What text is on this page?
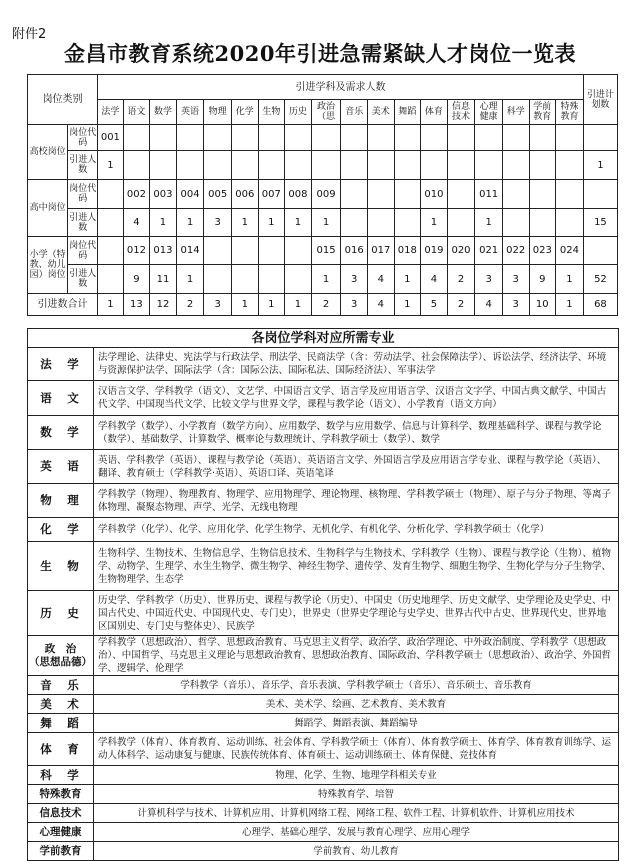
附件2
金昌市教育系统2020年引进急需紧缺人才岗位一览表
岗位类别		引进学科及需求人数																		引进计划数
		法学	语文	数学	英语	物理	化学	生物	历史	政治（思	音乐	美术	舞蹈	体育	信息技术	心理健康	科学	学前教育	特殊教育	
高校岗位	岗位代码	001																		
	引进人数	1																		1
高中岗位	岗位代码		002	003	004	005	006	007	008	009				010		011				
	引进人数		4	1	1	3	1	1	1	1				1		1				15
小学（特教、幼儿园）岗位	岗位代码		012	013	014					015	016	017	018	019	020	021	022	023	024	
	引进人数		9	11	1					1	3	4	1	4	2	3	3	9	1	52
引进数合计		1	13	12	2	3	1	1	1	2	3	4	1	5	2	4	3	10	1	68
各岗位学科对应所需专业	
法　学	法学理论、法律史、宪法学与行政法学、刑法学、民商法学（含：劳动法学、社会保障法学）、诉讼法学、经济法学、环境与资源保护法学、国际法学（含：国际公法、国际私法、国际经济法）、军事法学
语　文	汉语言文学、学科教学（语文）、文艺学、中国语言文学、语言学及应用语言学、汉语言文字学、中国古典文献学、中国古代文学、中国现当代文学、比较文学与世界文学，课程与教学论（语文）、小学教育（语文方向）
数　学	学科教学（数学）、小学教育（数学方向）、应用数学、数学与应用数学、信息与计算科学、数理基础科学、课程与教学论（数学）、基础数学、计算数学、概率论与数理统计、学科教学硕士（数学）、数学
英　语	英语、学科教学（英语）、课程与教学论（英语）、英语语言文学、外国语言学及应用语言学专业、课程与教学论（英语）、翻译、教育硕士（学科教学·英语）、英语口译、英语笔译
物　理	学科教学（物理）、物理教育、物理学、应用物理学、理论物理、核物理、学科教学硕士（物理）、原子与分子物理、等离子体物理、凝聚态物理、声学、光学、无线电物理
化　学	学科教学（化学）、化学、应用化学、化学生物学、无机化学、有机化学、分析化学、学科教学硕士（化学）
生　物	生物科学、生物技术、生物信息学、生物信息技术、生物科学与生物技术、学科教学（生物）、课程与教学论（生物）、植物学、动物学、生理学、水生生物学、微生物学、神经生物学、遗传学、发育生物学、细胞生物学、生物化学与分子生物学、生物物理学、生态学
历　史	历史学、学科教学（历史）、世界历史、课程与教学论（历史）、中国史（历史地理学、历史文献学、史学理论及史学史、中国古代史、中国近代史、中国现代史、专门史），世界史（世界史学理论与史学史、世界古代中古史、世界现代史、世界地区国别史、专门史与整体史）、民族学
政　治
（思想品德）	学科教学（思想政治）、哲学、思想政治教育、马克思主义哲学、政治学、政治学理论、中外政治制度、学科教学（思想政治）、中国哲学、马克思主义理论与思想政治教育、思想政治教育、国际政治、学科教学硕士（思想政治）、政治学、外国哲学、逻辑学、伦理学
音　乐	学科教学（音乐）、音乐学、音乐表演、学科教学硕士（音乐）、音乐硕士、音乐教育
美　术	美术、美术学、绘画、艺术教育、美术教育
舞　蹈	舞蹈学、舞蹈表演、舞蹈编导
体　育	学科教学（体育）、体育教育、运动训练、社会体育、学科教学硕士（体育）、体育教学硕士、体育学、体育教育训练学、运动人体科学、运动康复与健康、民族传统体育、体育硕士、运动训练硕士、体育保健、竞技体育
科　学	物理、化学、生物、地理学科相关专业
特殊教育	特殊教育学、培智
信息技术	计算机科学与技术、计算机应用、计算机网络工程、网络工程、软件工程、计算机软件、计算机应用技术
心理健康	心理学、基础心理学、发展与教育心理学、应用心理学
学前教育	学前教育、幼儿教育
